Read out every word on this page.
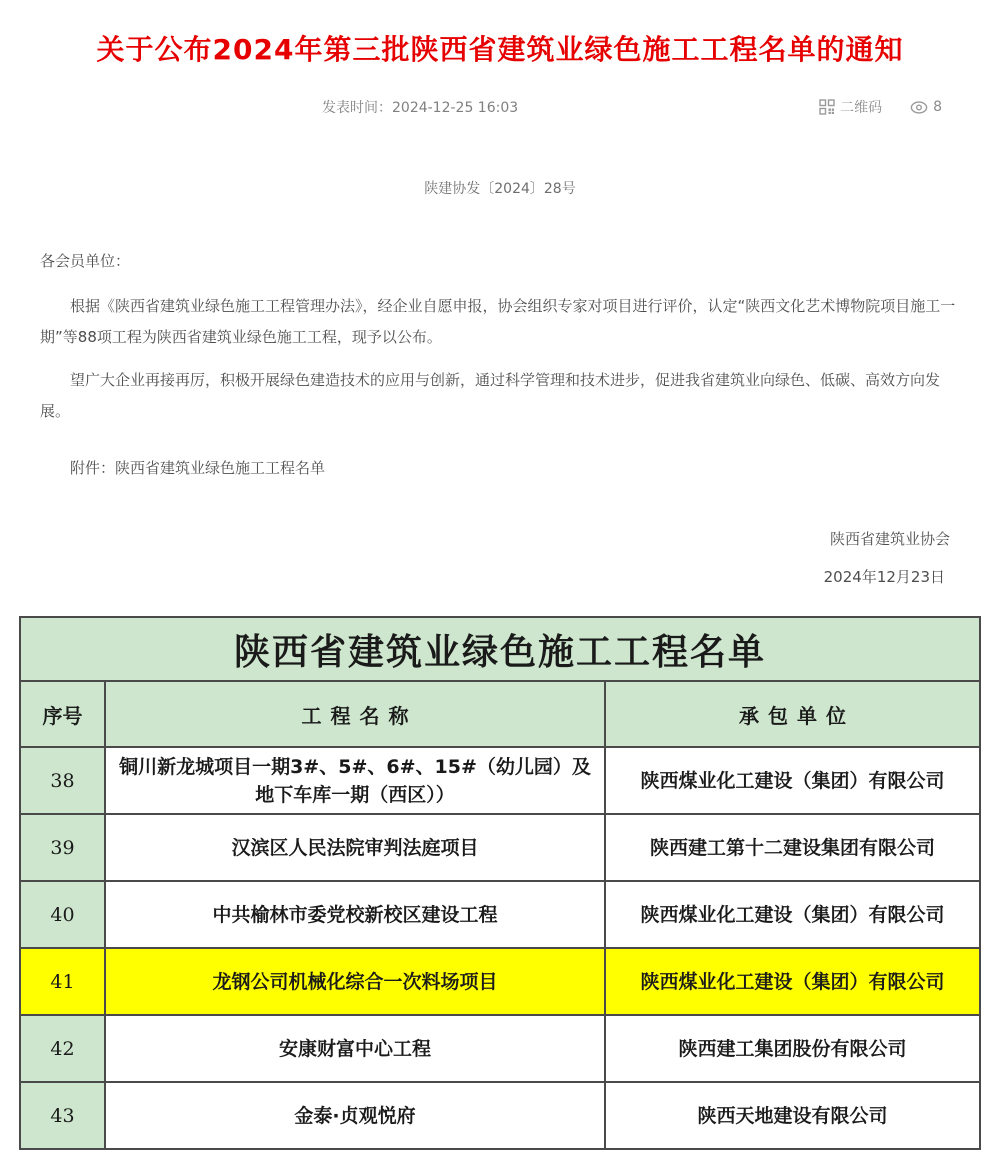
关于公布2024年第三批陕西省建筑业绿色施工工程名单的通知
发表时间：2024-12-25 16:03	二维码	8
陕建协发〔2024〕28号
各会员单位：

根据《陕西省建筑业绿色施工工程管理办法》，经企业自愿申报，协会组织专家对项目进行评价，认定“陕西文化艺术博物院项目施工一期”等88项工程为陕西省建筑业绿色施工工程，现予以公布。

望广大企业再接再厉，积极开展绿色建造技术的应用与创新，通过科学管理和技术进步，促进我省建筑业向绿色、低碳、高效方向发展。

附件：陕西省建筑业绿色施工工程名单
陕西省建筑业协会
2024年12月23日
陕西省建筑业绿色施工工程名单		
序号	工程名称	承包单位
38	铜川新龙城项目一期3#、5#、6#、15#（幼儿园）及地下车库一期（西区））	陕西煤业化工建设（集团）有限公司
39	汉滨区人民法院审判法庭项目	陕西建工第十二建设集团有限公司
40	中共榆林市委党校新校区建设工程	陕西煤业化工建设（集团）有限公司
41	龙钢公司机械化综合一次料场项目	陕西煤业化工建设（集团）有限公司
42	安康财富中心工程	陕西建工集团股份有限公司
43	金泰·贞观悦府	陕西天地建设有限公司
